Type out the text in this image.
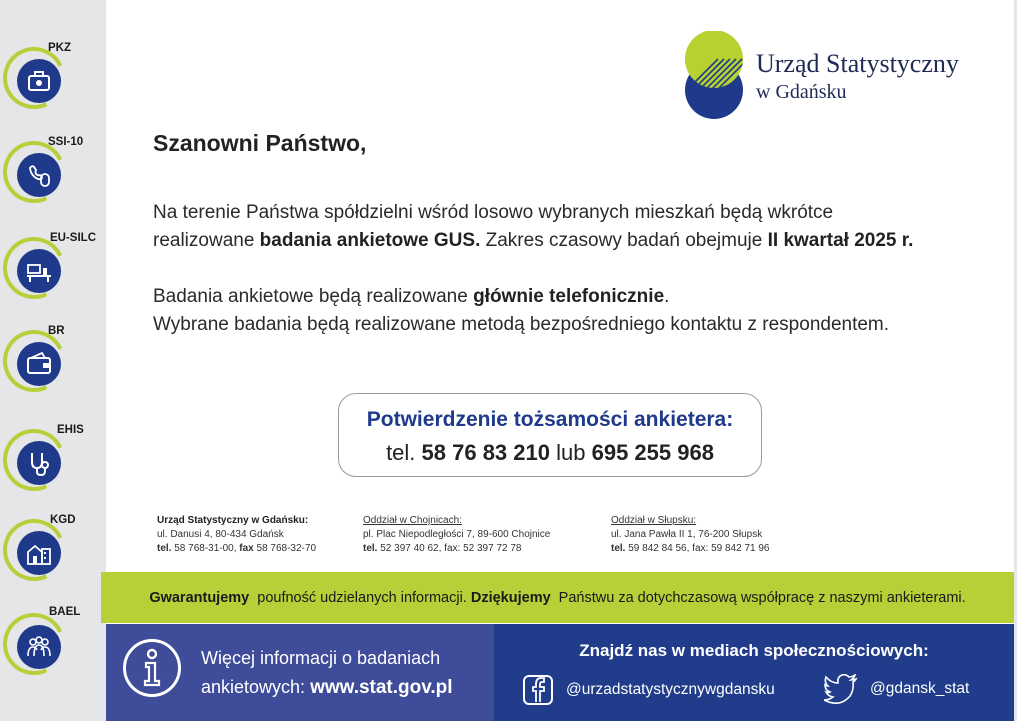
PKZ
SSI-10
EU-SILC
BR
EHIS
KGD
BAEL
Urząd Statystyczny
w Gdańsku
Szanowni Państwo,
Na terenie Państwa spółdzielni wśród losowo wybranych mieszkań będą wkrótce
realizowane badania ankietowe GUS. Zakres czasowy badań obejmuje II kwartał 2025 r.
Badania ankietowe będą realizowane głównie telefonicznie.
Wybrane badania będą realizowane metodą bezpośredniego kontaktu z respondentem.
Potwierdzenie tożsamości ankietera:
tel. 58 76 83 210 lub 695 255 968
Urząd Statystyczny w Gdańsku:
ul. Danusi 4, 80-434 Gdańsk
tel. 58 768-31-00, fax 58 768-32-70
Oddział w Chojnicach:
pl. Plac Niepodległości 7, 89-600 Chojnice
tel. 52 397 40 62, fax: 52 397 72 78
Oddział w Słupsku:
ul. Jana Pawła II 1, 76-200 Słupsk
tel. 59 842 84 56, fax: 59 842 71 96
Gwarantujemy poufność udzielanych informacji. Dziękujemy Państwu za dotychczasową współpracę z naszymi ankieterami.
Więcej informacji o badaniach
ankietowych: www.stat.gov.pl
Znajdź nas w mediach społecznościowych:
@urzadstatystycznywgdansku	@gdansk_stat
